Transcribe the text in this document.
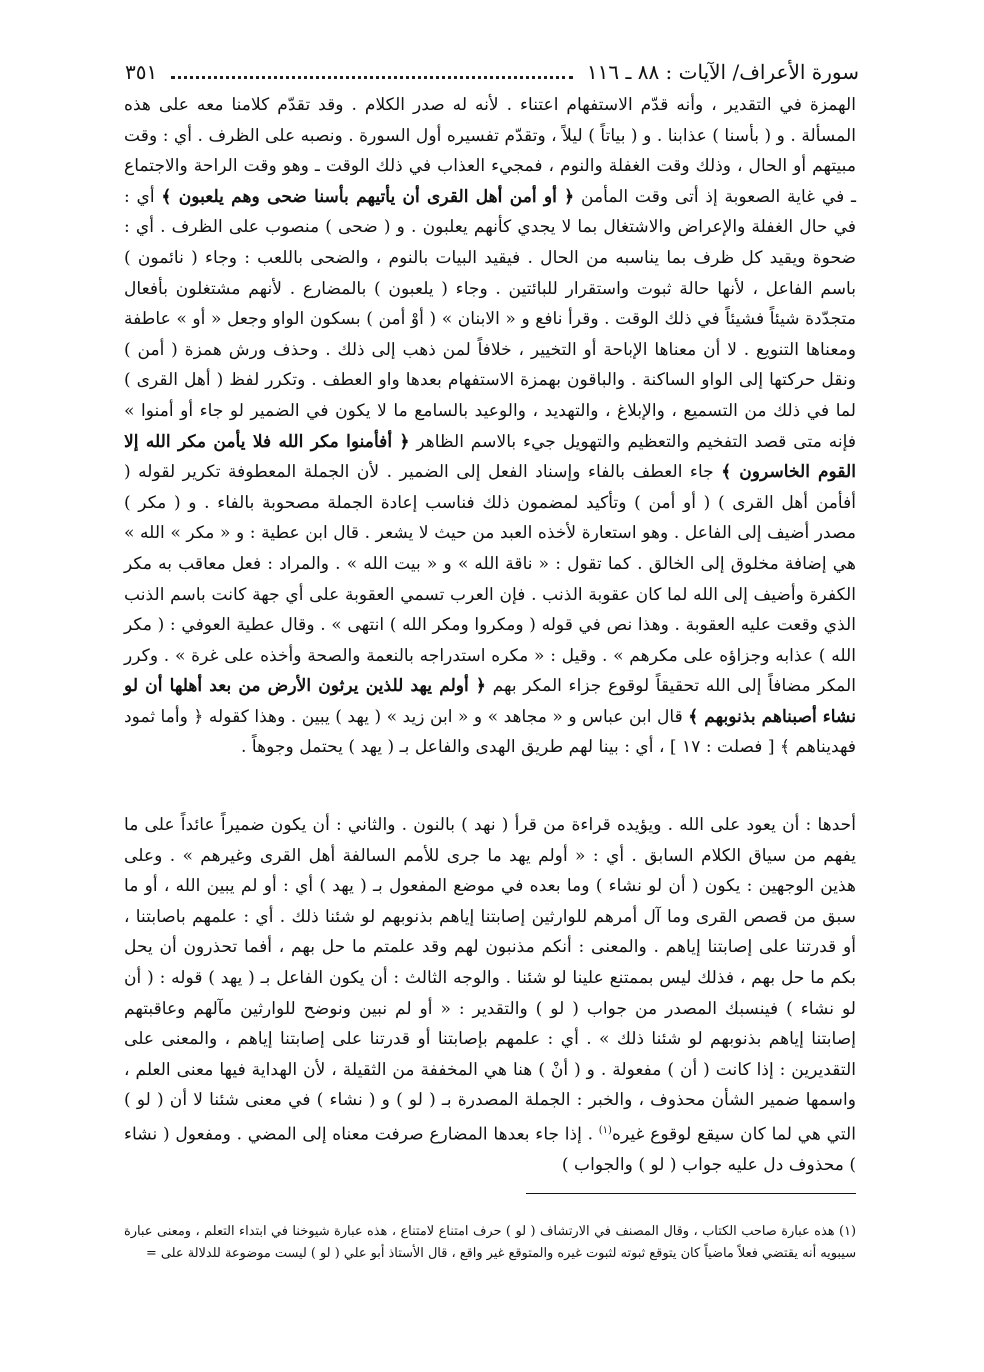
سورة الأعراف/ الآيات : ٨٨ ـ ١١٦
٣٥١

الهمزة في التقدير ، وأنه قدّم الاستفهام اعتناء . لأنه له صدر الكلام . وقد تقدّم كلامنا معه على هذه المسألة . و ( بأسنا ) عذابنا . و ( بياتاً ) ليلاً ، وتقدّم تفسيره أول السورة . ونصبه على الظرف . أي : وقت مبيتهم أو الحال ، وذلك وقت الغفلة والنوم ، فمجيء العذاب في ذلك الوقت ـ وهو وقت الراحة والاجتماع ـ في غاية الصعوبة إذ أتى وقت المأمن ﴿ أو أمن أهل القرى أن يأتيهم بأسنا ضحى وهم يلعبون ﴾ أي : في حال الغفلة والإعراض والاشتغال بما لا يجدي كأنهم يعلبون . و ( ضحى ) منصوب على الظرف . أي : ضحوة ويقيد كل ظرف بما يناسبه من الحال . فيقيد البيات بالنوم ، والضحى باللعب : وجاء ( نائمون ) باسم الفاعل ، لأنها حالة ثبوت واستقرار للبائتين . وجاء ( يلعبون ) بالمضارع . لأنهم مشتغلون بأفعال متجدّدة شيئاً فشيئاً في ذلك الوقت . وقرأ نافع و « الابنان » ( أوْ أمن ) بسكون الواو وجعل « أو » عاطفة ومعناها التنويع . لا أن معناها الإباحة أو التخيير ، خلافاً لمن ذهب إلى ذلك . وحذف ورش همزة ( أمن ) ونقل حركتها إلى الواو الساكنة . والباقون بهمزة الاستفهام بعدها واو العطف . وتكرر لفظ ( أهل القرى ) لما في ذلك من التسميع ، والإبلاغ ، والتهديد ، والوعيد بالسامع ما لا يكون في الضمير لو جاء أو أمنوا » فإنه متى قصد التفخيم والتعظيم والتهويل جيء بالاسم الظاهر ﴿ أفأمنوا مكر الله فلا يأمن مكر الله إلا القوم الخاسرون ﴾ جاء العطف بالفاء وإسناد الفعل إلى الضمير . لأن الجملة المعطوفة تكرير لقوله ( أفأمن أهل القرى ) ( أو أمن ) وتأكيد لمضمون ذلك فناسب إعادة الجملة مصحوبة بالفاء . و ( مكر ) مصدر أضيف إلى الفاعل . وهو استعارة لأخذه العبد من حيث لا يشعر . قال ابن عطية : و « مكر » الله » هي إضافة مخلوق إلى الخالق . كما تقول : « ناقة الله » و « بيت الله » . والمراد : فعل معاقب به مكر الكفرة وأضيف إلى الله لما كان عقوبة الذنب . فإن العرب تسمي العقوبة على أي جهة كانت باسم الذنب الذي وقعت عليه العقوبة . وهذا نص في قوله ( ومكروا ومكر الله ) انتهى » . وقال عطية العوفي : ( مكر الله ) عذابه وجزاؤه على مكرهم » . وقيل : « مكره استدراجه بالنعمة والصحة وأخذه على غرة » . وكرر المكر مضافاً إلى الله تحقيقاً لوقوع جزاء المكر بهم ﴿ أولم يهد للذين يرثون الأرض من بعد أهلها أن لو نشاء أصبناهم بذنوبهم ﴾ قال ابن عباس و « مجاهد » و « ابن زيد » ( يهد ) يبين . وهذا كقوله ﴿ وأما ثمود فهديناهم ﴾ [ فصلت : ١٧ ] ، أي : بينا لهم طريق الهدى والفاعل بـ ( يهد ) يحتمل وجوهاً .

أحدها : أن يعود على الله . ويؤيده قراءة من قرأ ( نهد ) بالنون . والثاني : أن يكون ضميراً عائداً على ما يفهم من سياق الكلام السابق . أي : « أولم يهد ما جرى للأمم السالفة أهل القرى وغيرهم » . وعلى هذين الوجهين : يكون ( أن لو نشاء ) وما بعده في موضع المفعول بـ ( يهد ) أي : أو لم يبين الله ، أو ما سبق من قصص القرى وما آل أمرهم للوارثين إصابتنا إياهم بذنوبهم لو شئنا ذلك . أي : علمهم باصابتنا ، أو قدرتنا على إصابتنا إياهم . والمعنى : أنكم مذنبون لهم وقد علمتم ما حل بهم ، أفما تحذرون أن يحل بكم ما حل بهم ، فذلك ليس بممتنع علينا لو شئنا . والوجه الثالث : أن يكون الفاعل بـ ( يهد ) قوله : ( أن لو نشاء ) فينسبك المصدر من جواب ( لو ) والتقدير : « أو لم نبين ونوضح للوارثين مآلهم وعاقبتهم إصابتنا إياهم بذنوبهم لو شئنا ذلك » . أي : علمهم بإصابتنا أو قدرتنا على إصابتنا إياهم ، والمعنى على التقديرين : إذا كانت ( أن ) مفعولة . و ( أنْ ) هنا هي المخففة من الثقيلة ، لأن الهداية فيها معنى العلم ، واسمها ضمير الشأن محذوف ، والخبر : الجملة المصدرة بـ ( لو ) و ( نشاء ) في معنى شئنا لا أن ( لو ) التي هي لما كان سيقع لوقوع غيره$^{(١)}$ . إذا جاء بعدها المضارع صرفت معناه إلى المضي . ومفعول ( نشاء ) محذوف دل عليه جواب ( لو ) والجواب )

(١) هذه عبارة صاحب الكتاب ، وقال المصنف في الارتشاف ( لو ) حرف امتناع لامتناع ، هذه عبارة شيوخنا في ابتداء التعلم ، ومعنى عبارة سيبويه أنه يقتضي فعلاً ماضياً كان يتوقع ثبوته لثبوت غيره والمتوقع غير واقع ، قال الأستاذ أبو علي ( لو ) ليست موضوعة للدلالة على =
